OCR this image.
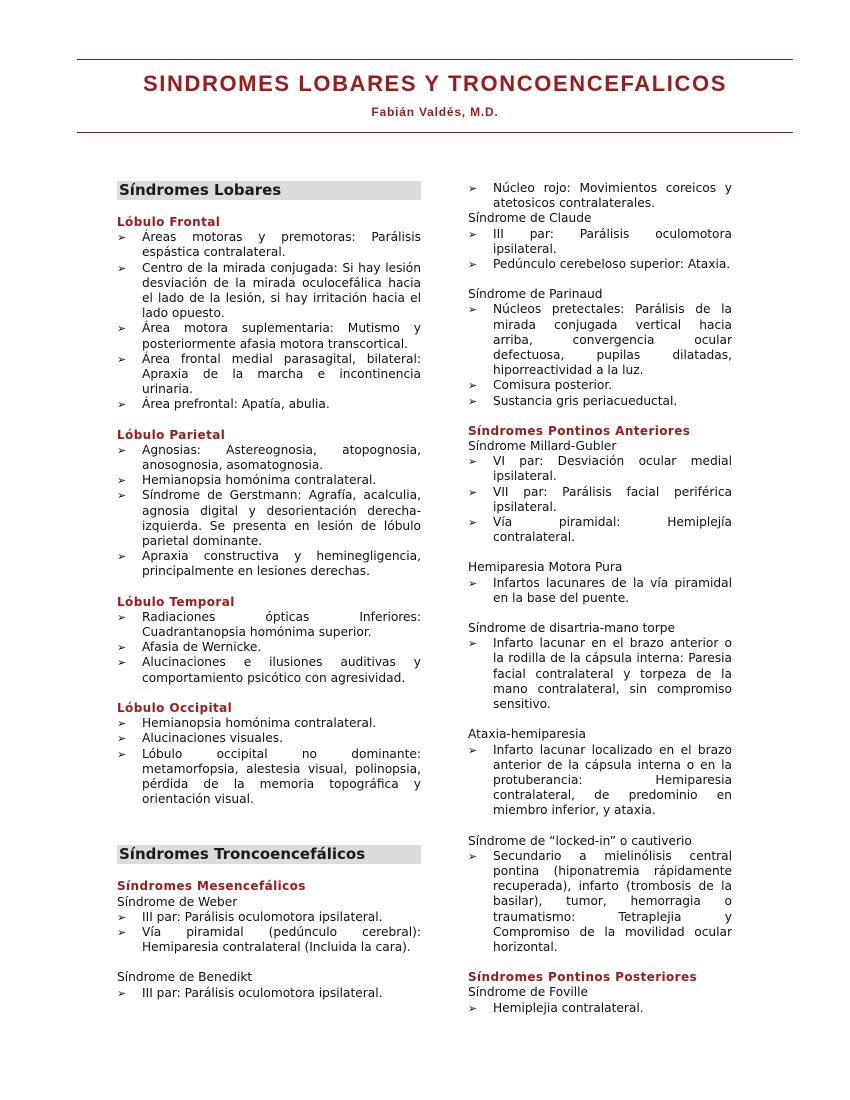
SINDROMES LOBARES Y TRONCOENCEFALICOS
Fabián Valdés, M.D.
Síndromes Lobares
Lóbulo Frontal
➢ Áreas motoras y premotoras: Parálisis espástica contralateral.
➢ Centro de la mirada conjugada: Si hay lesión desviación de la mirada oculocefálica hacia el lado de la lesión, si hay irritación hacia el lado opuesto.
➢ Área motora suplementaria: Mutismo y posteriormente afasia motora transcortical.
➢ Área frontal medial parasagital, bilateral: Apraxia de la marcha e incontinencia urinaria.
➢ Área prefrontal: Apatía, abulia.
Lóbulo Parietal
➢ Agnosias: Astereognosia, atopognosia, anosognosia, asomatognosia.
➢ Hemianopsia homónima contralateral.
➢ Síndrome de Gerstmann: Agrafía, acalculia, agnosia digital y desorientación derecha-izquierda. Se presenta en lesión de lóbulo parietal dominante.
➢ Apraxia constructiva y heminegligencia, principalmente en lesiones derechas.
Lóbulo Temporal
➢ Radiaciones ópticas Inferiores: Cuadrantanopsia homónima superior.
➢ Afasia de Wernicke.
➢ Alucinaciones e ilusiones auditivas y comportamiento psicótico con agresividad.
Lóbulo Occipital
➢ Hemianopsia homónima contralateral.
➢ Alucinaciones visuales.
➢ Lóbulo occipital no dominante: metamorfopsia, alestesia visual, polinopsia, pérdida de la memoria topográfica y orientación visual.
Síndromes Troncoencefálicos
Síndromes Mesencefálicos
Síndrome de Weber
➢ III par: Parálisis oculomotora ipsilateral.
➢ Vía piramidal (pedúnculo cerebral): Hemiparesia contralateral (Incluida la cara).
Síndrome de Benedikt
➢ III par: Parálisis oculomotora ipsilateral.
➢ Núcleo rojo: Movimientos coreicos y atetosicos contralaterales.
Síndrome de Claude
➢ III par: Parálisis oculomotora ipsilateral.
➢ Pedúnculo cerebeloso superior: Ataxia.
Síndrome de Parinaud
➢ Núcleos pretectales: Parálisis de la mirada conjugada vertical hacia arriba, convergencia ocular defectuosa, pupilas dilatadas, hiporreactividad a la luz.
➢ Comisura posterior.
➢ Sustancia gris periacueductal.
Síndromes Pontinos Anteriores
Síndrome Millard-Gubler
➢ VI par: Desviación ocular medial ipsilateral.
➢ VII par: Parálisis facial periférica ipsilateral.
➢ Vía piramidal: Hemiplejía contralateral.
Hemiparesia Motora Pura
➢ Infartos lacunares de la vía piramidal en la base del puente.
Síndrome de disartria-mano torpe
➢ Infarto lacunar en el brazo anterior o la rodilla de la cápsula interna: Paresia facial contralateral y torpeza de la mano contralateral, sin compromiso sensitivo.
Ataxia-hemiparesia
➢ Infarto lacunar localizado en el brazo anterior de la cápsula interna o en la protuberancia: Hemiparesia contralateral, de predominio en miembro inferior, y ataxia.
Síndrome de “locked-in” o cautiverio
➢ Secundario a mielinólisis central pontina (hiponatremia rápidamente recuperada), infarto (trombosis de la basilar), tumor, hemorragia o traumatismo: Tetraplejia y Compromiso de la movilidad ocular horizontal.
Síndromes Pontinos Posteriores
Síndrome de Foville
➢ Hemiplejia contralateral.
